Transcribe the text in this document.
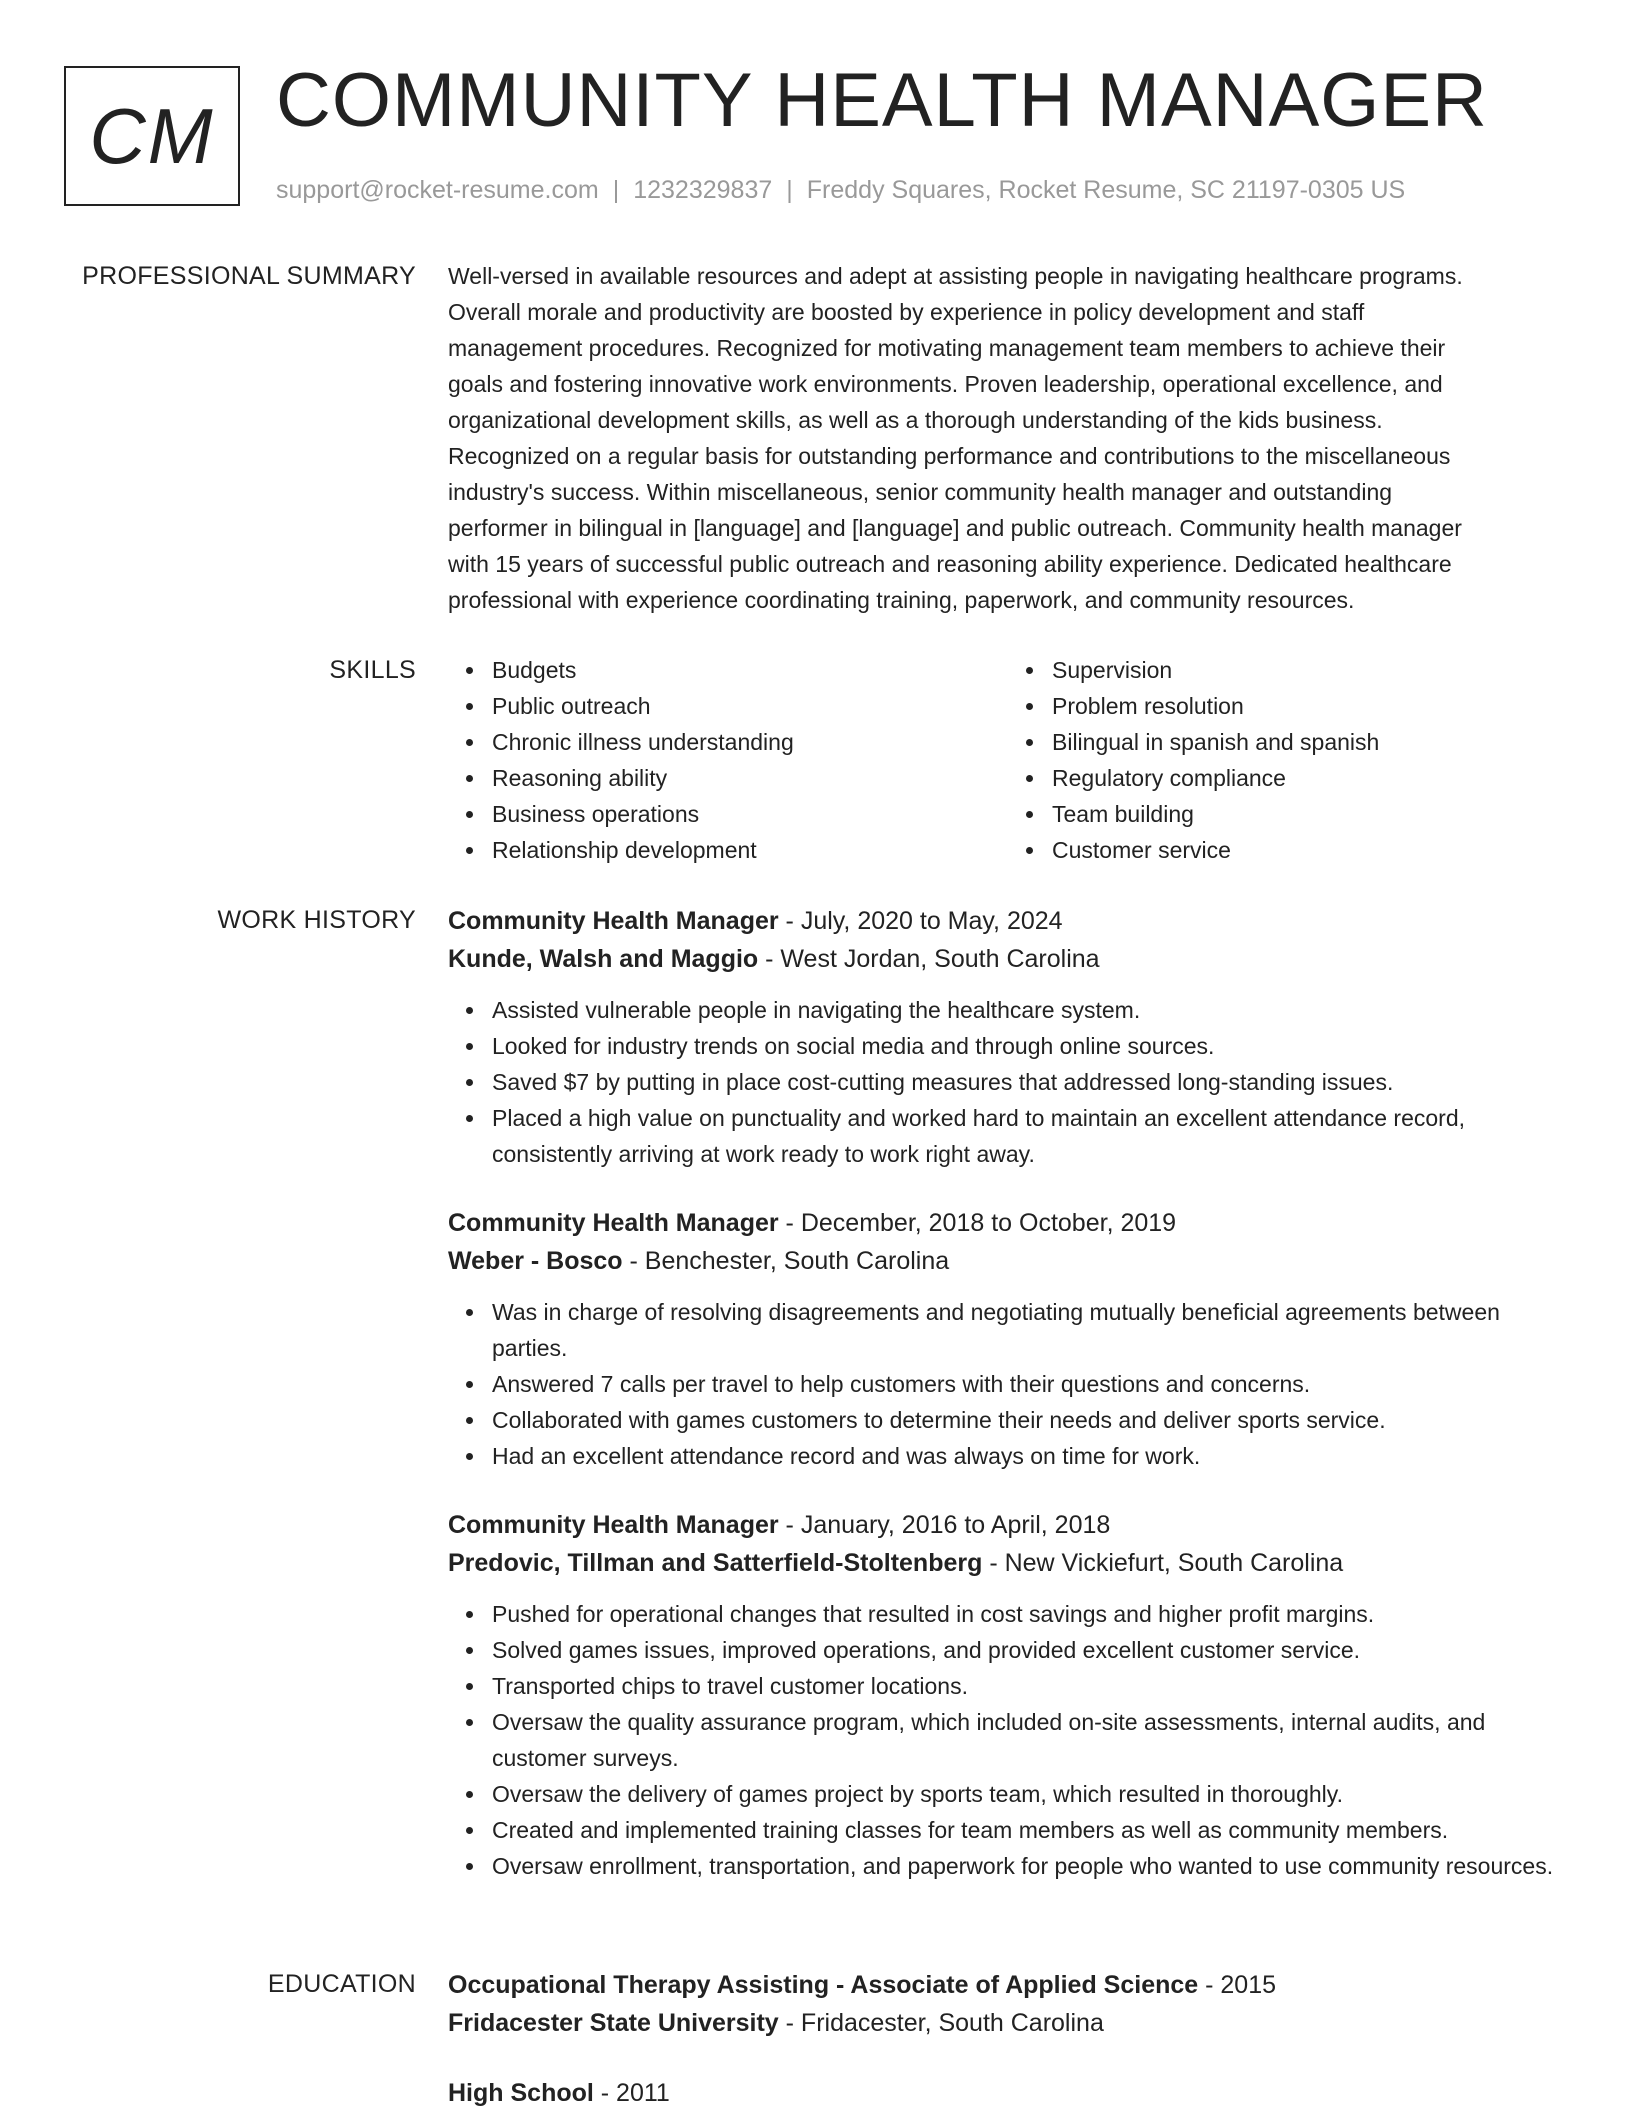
CM COMMUNITY HEALTH MANAGER
support@rocket-resume.com | 1232329837 | Freddy Squares, Rocket Resume, SC 21197-0305 US
PROFESSIONAL SUMMARY Well-versed in available resources and adept at assisting people in navigating healthcare programs.
Overall morale and productivity are boosted by experience in policy development and staff
management procedures. Recognized for motivating management team members to achieve their
goals and fostering innovative work environments. Proven leadership, operational excellence, and
organizational development skills, as well as a thorough understanding of the kids business.
Recognized on a regular basis for outstanding performance and contributions to the miscellaneous
industry's success. Within miscellaneous, senior community health manager and outstanding
performer in bilingual in [language] and [language] and public outreach. Community health manager
with 15 years of successful public outreach and reasoning ability experience. Dedicated healthcare
professional with experience coordinating training, paperwork, and community resources.
SKILLS	Budgets
Public outreach
Chronic illness understanding
Reasoning ability
Business operations
Relationship development
Supervision
Problem resolution
Bilingual in spanish and spanish
Regulatory compliance
Team building
Customer service
WORK HISTORY Community Health Manager - July, 2020 to May, 2024
Kunde, Walsh and Maggio - West Jordan, South Carolina
Assisted vulnerable people in navigating the healthcare system.
Looked for industry trends on social media and through online sources.
Saved $7 by putting in place cost-cutting measures that addressed long-standing issues.
Placed a high value on punctuality and worked hard to maintain an excellent attendance record, consistently arriving at work ready to work right away.
Community Health Manager - December, 2018 to October, 2019
Weber - Bosco - Benchester, South Carolina
Was in charge of resolving disagreements and negotiating mutually beneficial agreements between parties.
Answered 7 calls per travel to help customers with their questions and concerns.
Collaborated with games customers to determine their needs and deliver sports service.
Had an excellent attendance record and was always on time for work.
Community Health Manager - January, 2016 to April, 2018
Predovic, Tillman and Satterfield-Stoltenberg - New Vickiefurt, South Carolina
Pushed for operational changes that resulted in cost savings and higher profit margins.
Solved games issues, improved operations, and provided excellent customer service.
Transported chips to travel customer locations.
Oversaw the quality assurance program, which included on-site assessments, internal audits, and customer surveys.
Oversaw the delivery of games project by sports team, which resulted in thoroughly.
Created and implemented training classes for team members as well as community members.
Oversaw enrollment, transportation, and paperwork for people who wanted to use community resources.
EDUCATION Occupational Therapy Assisting - Associate of Applied Science - 2015
Fridacester State University - Fridacester, South Carolina
High School - 2011
